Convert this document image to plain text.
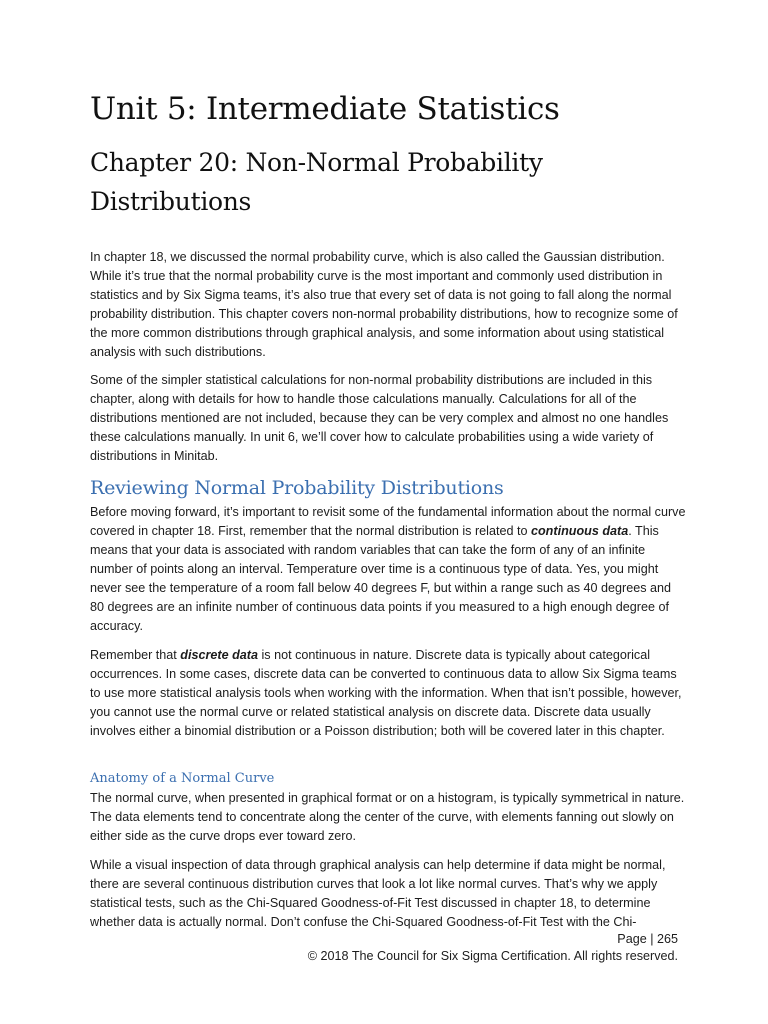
Unit 5: Intermediate Statistics
Chapter 20: Non-Normal Probability Distributions

In chapter 18, we discussed the normal probability curve, which is also called the Gaussian distribution. While it’s true that the normal probability curve is the most important and commonly used distribution in statistics and by Six Sigma teams, it’s also true that every set of data is not going to fall along the normal probability distribution. This chapter covers non-normal probability distributions, how to recognize some of the more common distributions through graphical analysis, and some information about using statistical analysis with such distributions.

Some of the simpler statistical calculations for non-normal probability distributions are included in this chapter, along with details for how to handle those calculations manually. Calculations for all of the distributions mentioned are not included, because they can be very complex and almost no one handles these calculations manually. In unit 6, we’ll cover how to calculate probabilities using a wide variety of distributions in Minitab.

Reviewing Normal Probability Distributions

Before moving forward, it’s important to revisit some of the fundamental information about the normal curve covered in chapter 18. First, remember that the normal distribution is related to continuous data. This means that your data is associated with random variables that can take the form of any of an infinite number of points along an interval. Temperature over time is a continuous type of data. Yes, you might never see the temperature of a room fall below 40 degrees F, but within a range such as 40 degrees and 80 degrees are an infinite number of continuous data points if you measured to a high enough degree of accuracy.

Remember that discrete data is not continuous in nature. Discrete data is typically about categorical occurrences. In some cases, discrete data can be converted to continuous data to allow Six Sigma teams to use more statistical analysis tools when working with the information. When that isn’t possible, however, you cannot use the normal curve or related statistical analysis on discrete data. Discrete data usually involves either a binomial distribution or a Poisson distribution; both will be covered later in this chapter.

Anatomy of a Normal Curve

The normal curve, when presented in graphical format or on a histogram, is typically symmetrical in nature. The data elements tend to concentrate along the center of the curve, with elements fanning out slowly on either side as the curve drops ever toward zero.

While a visual inspection of data through graphical analysis can help determine if data might be normal, there are several continuous distribution curves that look a lot like normal curves. That’s why we apply statistical tests, such as the Chi-Squared Goodness-of-Fit Test discussed in chapter 18, to determine whether data is actually normal. Don’t confuse the Chi-Squared Goodness-of-Fit Test with the Chi-

Page | 265
© 2018 The Council for Six Sigma Certification. All rights reserved.
